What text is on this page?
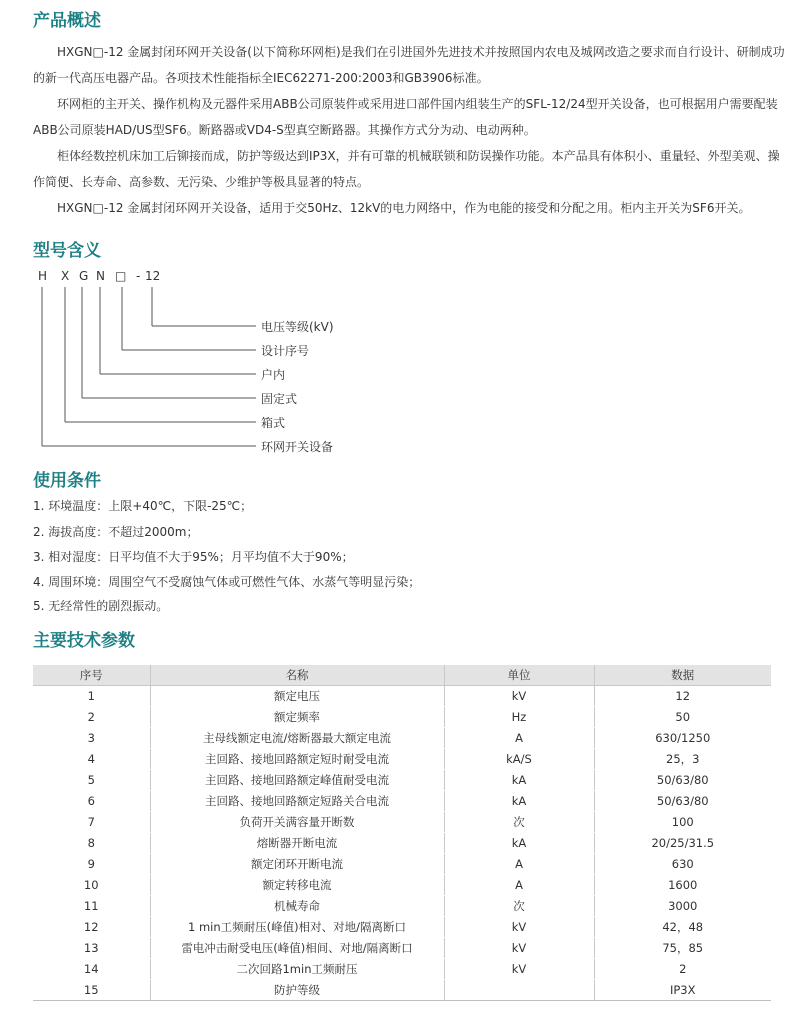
产品概述

HXGN□-12 金属封闭环网开关设备(以下简称环网柜)是我们在引进国外先进技术并按照国内农电及城网改造之要求而自行设计、研制成功的新一代高压电器产品。各项技术性能指标全IEC62271-200:2003和GB3906标准。

环网柜的主开关、操作机构及元器件采用ABB公司原装件或采用进口部件国内组装生产的SFL-12/24型开关设备，也可根据用户需要配装ABB公司原装HAD/US型SF6。断路器或VD4-S型真空断路器。其操作方式分为动、电动两种。

柜体经数控机床加工后铆接而成，防护等级达到IP3X，并有可靠的机械联锁和防误操作功能。本产品具有体积小、重量轻、外型美观、操作简便、长寿命、高参数、无污染、少维护等极具显著的特点。

HXGN□-12 金属封闭环网开关设备，适用于交50Hz、12kV的电力网络中，作为电能的接受和分配之用。柜内主开关为SF6开关。

型号含义
H X G N □ - 12
电压等级(kV)
设计序号
户内
固定式
箱式
环网开关设备
使用条件

1. 环境温度：上限+40℃，下限-25℃；

2. 海拔高度：不超过2000m；

3. 相对湿度：日平均值不大于95%；月平均值不大于90%；

4. 周围环境：周围空气不受腐蚀气体或可燃性气体、水蒸气等明显污染；

5. 无经常性的剧烈振动。

主要技术参数
序号	名称	单位	数据
1	额定电压	kV	12
2	额定频率	Hz	50
3	主母线额定电流/熔断器最大额定电流	A	630/1250
4	主回路、接地回路额定短时耐受电流	kA/S	25，3
5	主回路、接地回路额定峰值耐受电流	kA	50/63/80
6	主回路、接地回路额定短路关合电流	kA	50/63/80
7	负荷开关满容量开断数	次	100
8	熔断器开断电流	kA	20/25/31.5
9	额定闭环开断电流	A	630
10	额定转移电流	A	1600
11	机械寿命	次	3000
12	1 min工频耐压(峰值)相对、对地/隔离断口	kV	42，48
13	雷电冲击耐受电压(峰值)相间、对地/隔离断口	kV	75，85
14	二次回路1min工频耐压	kV	2
15	防护等级		IP3X
